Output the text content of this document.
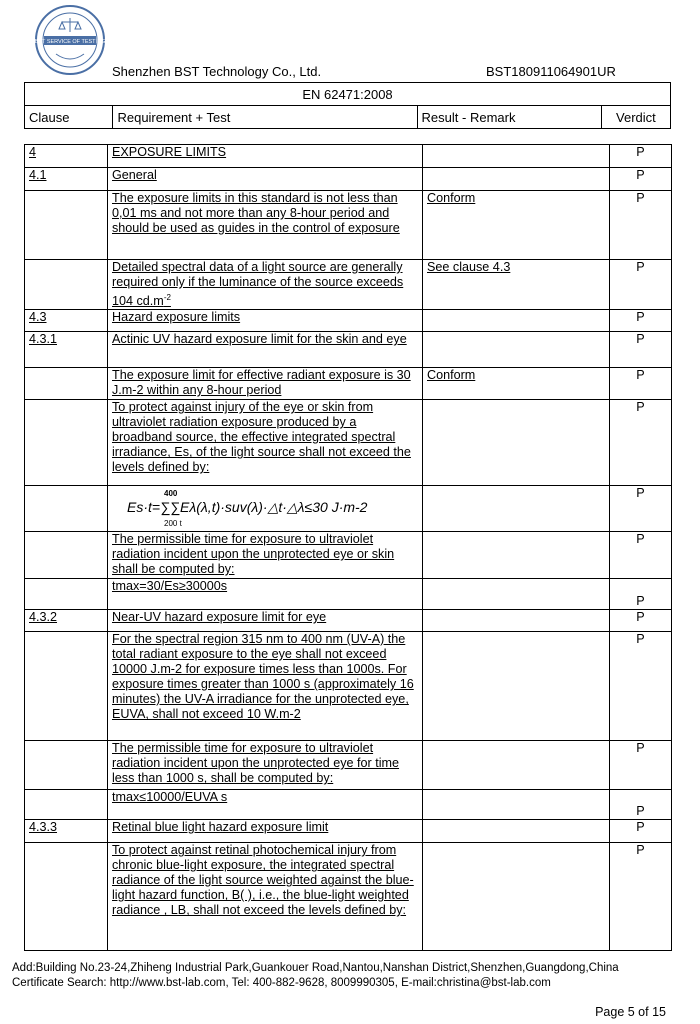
BST SERVICE OF TESTING
Shenzhen BST Technology Co., Ltd.	BST180911064901UR
EN 62471:2008
Clause	Requirement + Test	Result - Remark	Verdict
4	EXPOSURE LIMITS		P
4.1	General		P

	The exposure limits in this standard is not less than 0,01 ms and not more than any 8-hour period and should be used as guides in the control of exposure	Conform	P

	Detailed spectral data of a light source are generally required only if the luminance of the source exceeds 104 $cd.m^{-2}$	See clause 4.3	P
4.3	Hazard exposure limits		P
4.3.1	Actinic UV hazard exposure limit for the skin and eye		P

	The exposure limit for effective radiant exposure is 30 J.m-2 within any 8-hour period	Conform	P

	To protect against injury of the eye or skin from ultraviolet radiation exposure produced by a broadband source, the effective integrated spectral irradiance, Es, of the light source shall not exceed the levels defined by:		P

	400
Es·t=∑∑Eλ(λ,t)·suv(λ)·△t·△λ≤30 J·m-2
200 t		P

	The permissible time for exposure to ultraviolet radiation incident upon the unprotected eye or skin shall be computed by:		P

	tmax=30/Es≥30000s		P
4.3.2	Near-UV hazard exposure limit for eye		P

	For the spectral region 315 nm to 400 nm (UV-A) the total radiant exposure to the eye shall not exceed 10000 J.m-2 for exposure times less than 1000s. For exposure times greater than 1000 s (approximately 16 minutes) the UV-A irradiance for the unprotected eye, EUVA, shall not exceed 10 W.m-2		P

	The permissible time for exposure to ultraviolet radiation incident upon the unprotected eye for time less than 1000 s, shall be computed by:		P

	tmax≤10000/EUVA s		P
4.3.3	Retinal blue light hazard exposure limit		P

	To protect against retinal photochemical injury from chronic blue-light exposure, the integrated spectral radiance of the light source weighted against the blue-light hazard function, B( ), i.e., the blue-light weighted radiance , LB, shall not exceed the levels defined by:		P
Add:Building No.23-24,Zhiheng Industrial Park,Guankouer Road,Nantou,Nanshan District,Shenzhen,Guangdong,China
Certificate Search: http://www.bst-lab.com, Tel: 400-882-9628, 8009990305, E-mail:christina@bst-lab.com
Page 5 of 15
